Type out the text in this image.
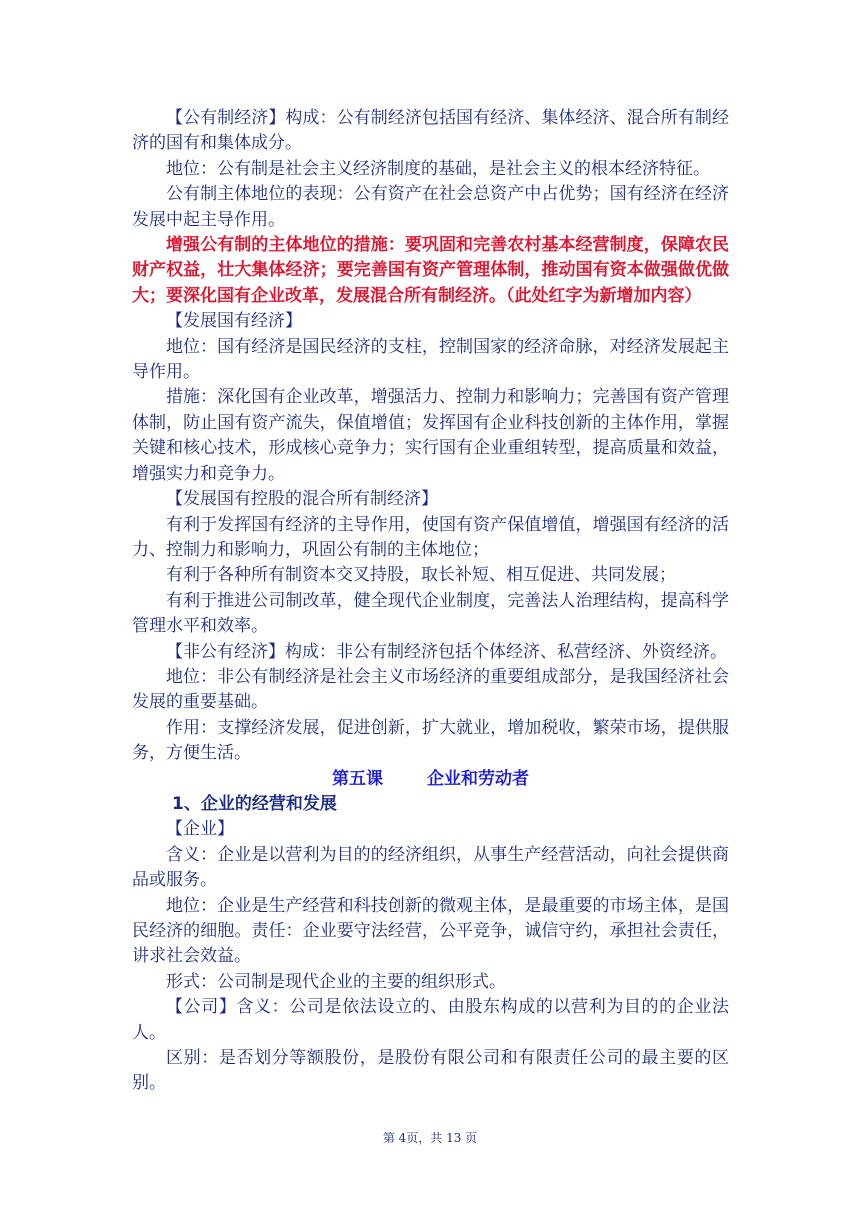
【公有制经济】构成：公有制经济包括国有经济、集体经济、混合所有制经济的国有和集体成分。

地位：公有制是社会主义经济制度的基础，是社会主义的根本经济特征。

公有制主体地位的表现：公有资产在社会总资产中占优势；国有经济在经济发展中起主导作用。

增强公有制的主体地位的措施：要巩固和完善农村基本经营制度，保障农民财产权益，壮大集体经济；要完善国有资产管理体制，推动国有资本做强做优做大；要深化国有企业改革，发展混合所有制经济。（此处红字为新增加内容）

【发展国有经济】

地位：国有经济是国民经济的支柱，控制国家的经济命脉，对经济发展起主导作用。

措施：深化国有企业改革，增强活力、控制力和影响力；完善国有资产管理体制，防止国有资产流失，保值增值；发挥国有企业科技创新的主体作用，掌握关键和核心技术，形成核心竞争力；实行国有企业重组转型，提高质量和效益，增强实力和竞争力。

【发展国有控股的混合所有制经济】

有利于发挥国有经济的主导作用，使国有资产保值增值，增强国有经济的活力、控制力和影响力，巩固公有制的主体地位；

有利于各种所有制资本交叉持股，取长补短、相互促进、共同发展；

有利于推进公司制改革，健全现代企业制度，完善法人治理结构，提高科学管理水平和效率。

【非公有经济】构成：非公有制经济包括个体经济、私营经济、外资经济。

地位：非公有制经济是社会主义市场经济的重要组成部分，是我国经济社会发展的重要基础。

作用：支撑经济发展，促进创新，扩大就业，增加税收，繁荣市场，提供服务，方便生活。

第五课	企业和劳动者

1、企业的经营和发展

【企业】

含义：企业是以营利为目的的经济组织，从事生产经营活动，向社会提供商品或服务。

地位：企业是生产经营和科技创新的微观主体，是最重要的市场主体，是国民经济的细胞。责任：企业要守法经营，公平竞争，诚信守约，承担社会责任，讲求社会效益。

形式：公司制是现代企业的主要的组织形式。

【公司】含义：公司是依法设立的、由股东构成的以营利为目的的企业法人。

区别：是否划分等额股份，是股份有限公司和有限责任公司的最主要的区别。

第 4页，共 13 页
